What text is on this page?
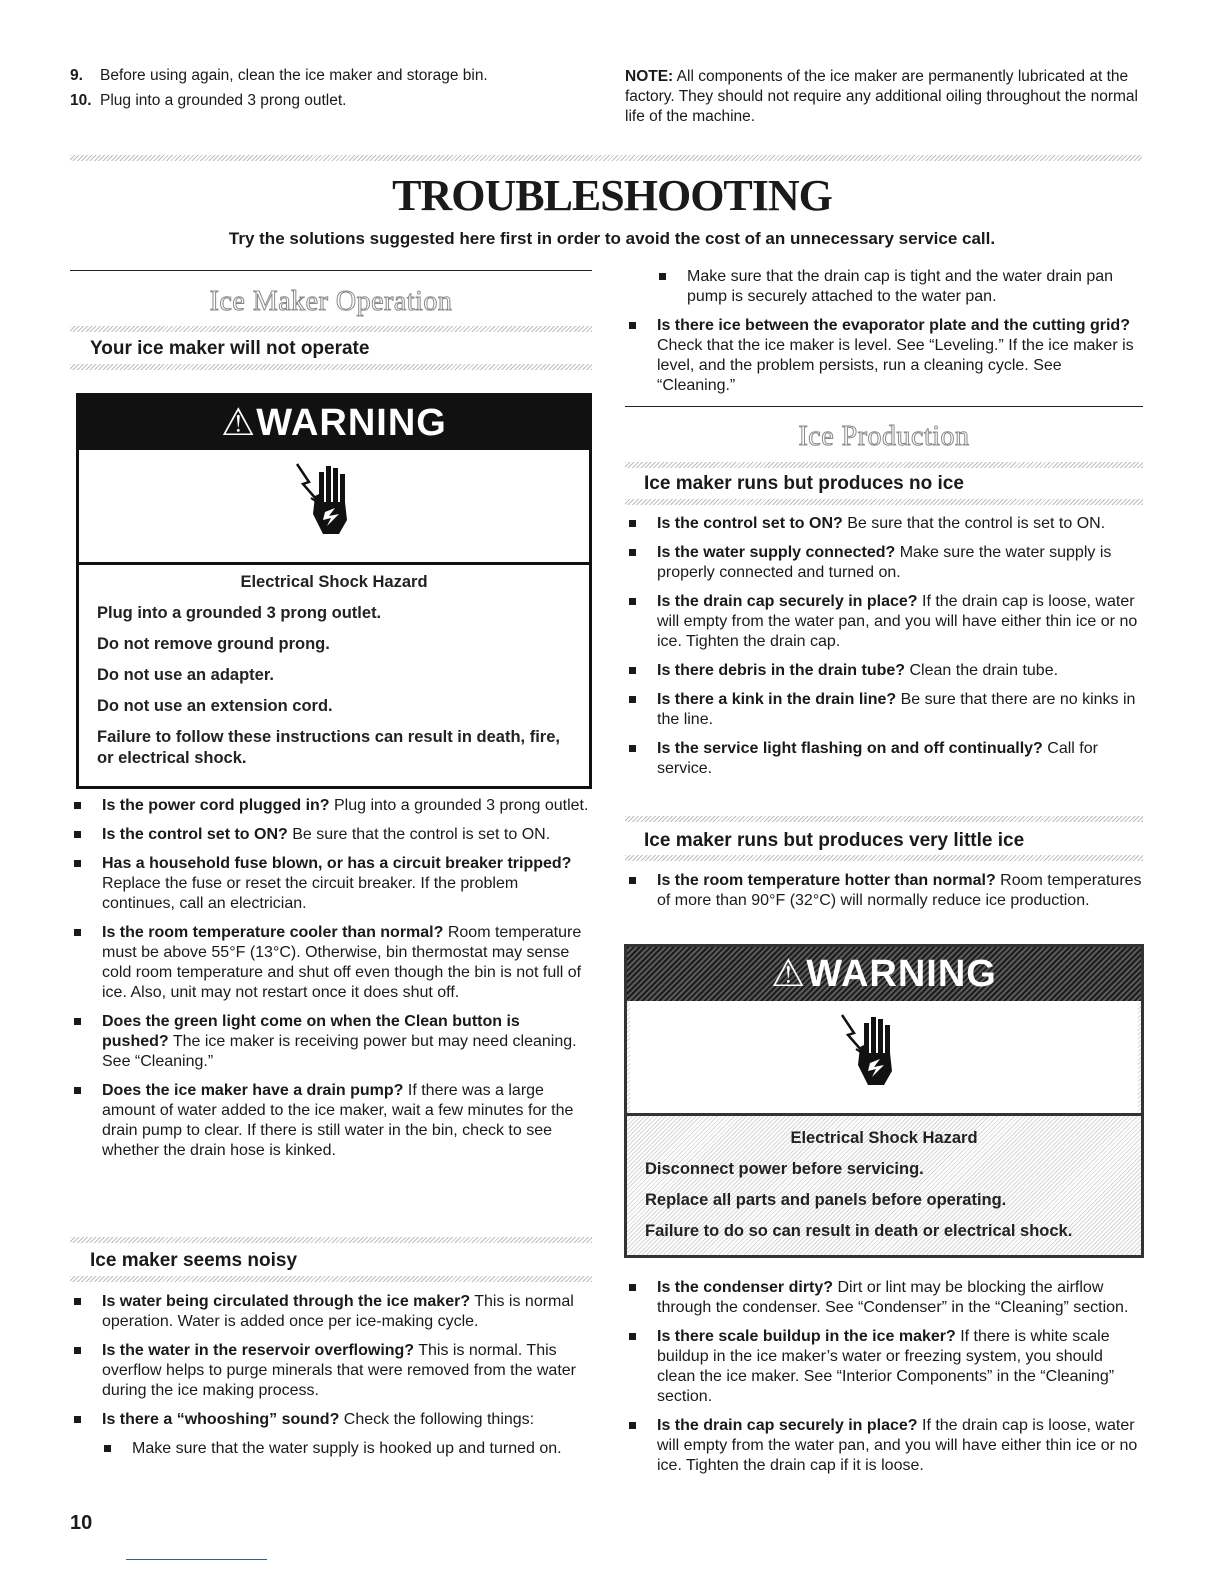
9.	Before using again, clean the ice maker and storage bin.
10. Plug into a grounded 3 prong outlet.
NOTE: All components of the ice maker are permanently lubricated at the factory. They should not require any additional oiling throughout the normal life of the machine.
TROUBLESHOOTING
Try the solutions suggested here first in order to avoid the cost of an unnecessary service call.
Ice Maker Operation
Your ice maker will not operate
⚠WARNING
Electrical Shock Hazard

Plug into a grounded 3 prong outlet.

Do not remove ground prong.

Do not use an adapter.

Do not use an extension cord.

Failure to follow these instructions can result in death, fire, or electrical shock.

Is the power cord plugged in? Plug into a grounded 3 prong outlet.
Is the control set to ON? Be sure that the control is set to ON.
Has a household fuse blown, or has a circuit breaker tripped? Replace the fuse or reset the circuit breaker. If the problem continues, call an electrician.
Is the room temperature cooler than normal? Room temperature must be above 55°F (13°C). Otherwise, bin thermostat may sense cold room temperature and shut off even though the bin is not full of ice. Also, unit may not restart once it does shut off.
Does the green light come on when the Clean button is pushed? The ice maker is receiving power but may need cleaning. See “Cleaning.”
Does the ice maker have a drain pump? If there was a large amount of water added to the ice maker, wait a few minutes for the drain pump to clear. If there is still water in the bin, check to see whether the drain hose is kinked.
Ice maker seems noisy
Is water being circulated through the ice maker? This is normal operation. Water is added once per ice-making cycle.
Is the water in the reservoir overflowing? This is normal. This overflow helps to purge minerals that were removed from the water during the ice making process.
Is there a “whooshing” sound? Check the following things:
Make sure that the water supply is hooked up and turned on.
Make sure that the drain cap is tight and the water drain pan pump is securely attached to the water pan.
Is there ice between the evaporator plate and the cutting grid? Check that the ice maker is level. See “Leveling.” If the ice maker is level, and the problem persists, run a cleaning cycle. See “Cleaning.”
Ice Production
Ice maker runs but produces no ice
Is the control set to ON? Be sure that the control is set to ON.
Is the water supply connected? Make sure the water supply is properly connected and turned on.
Is the drain cap securely in place? If the drain cap is loose, water will empty from the water pan, and you will have either thin ice or no ice. Tighten the drain cap.
Is there debris in the drain tube? Clean the drain tube.
Is there a kink in the drain line? Be sure that there are no kinks in the line.
Is the service light flashing on and off continually? Call for service.
Ice maker runs but produces very little ice
Is the room temperature hotter than normal? Room temperatures of more than 90°F (32°C) will normally reduce ice production.
⚠WARNING
Electrical Shock Hazard

Disconnect power before servicing.

Replace all parts and panels before operating.

Failure to do so can result in death or electrical shock.

Is the condenser dirty? Dirt or lint may be blocking the airflow through the condenser. See “Condenser” in the “Cleaning” section.
Is there scale buildup in the ice maker? If there is white scale buildup in the ice maker’s water or freezing system, you should clean the ice maker. See “Interior Components” in the “Cleaning” section.
Is the drain cap securely in place? If the drain cap is loose, water will empty from the water pan, and you will have either thin ice or no ice. Tighten the drain cap if it is loose.
10
